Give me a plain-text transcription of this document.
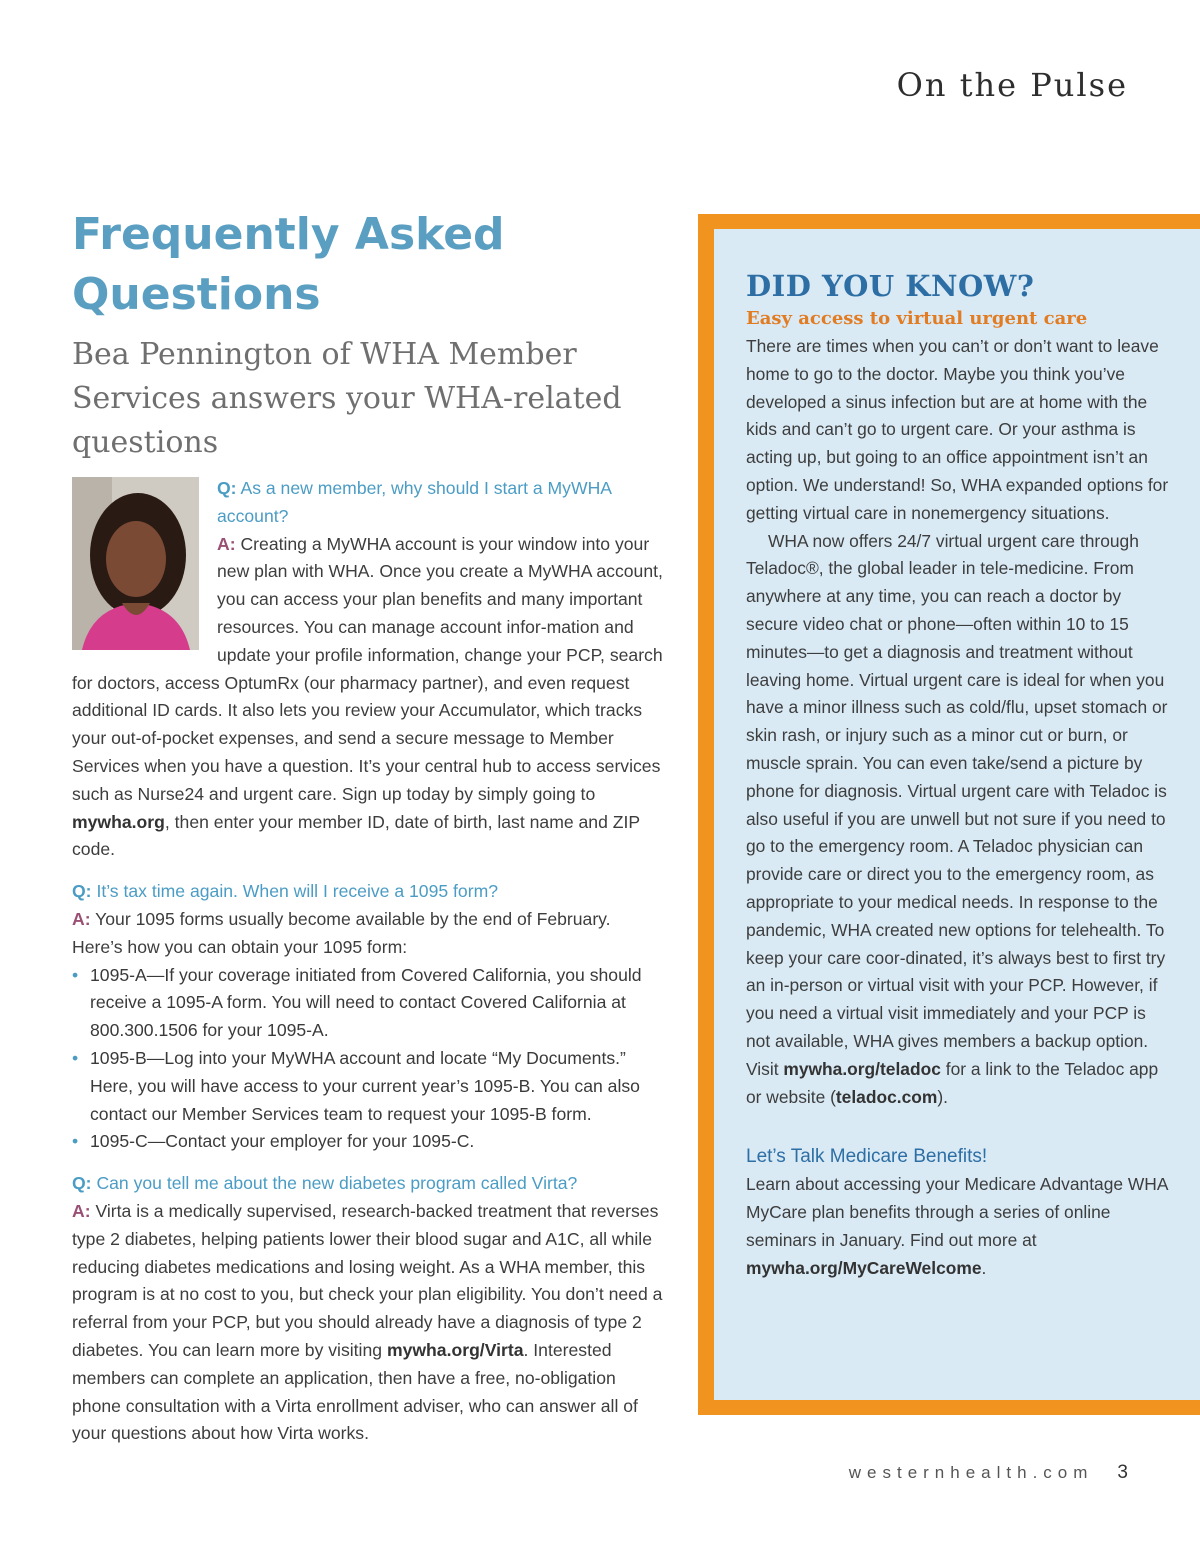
On the Pulse
Frequently Asked Questions
Bea Pennington of WHA Member Services answers your WHA-related questions

Q: As a new member, why should I start a MyWHA account?

A: Creating a MyWHA account is your window into your new plan with WHA. Once you create a MyWHA account, you can access your plan benefits and many important resources. You can manage account infor-mation and update your profile information, change your PCP, search for doctors, access OptumRx (our pharmacy partner), and even request additional ID cards. It also lets you review your Accumulator, which tracks your out-of-pocket expenses, and send a secure message to Member Services when you have a question. It’s your central hub to access services such as Nurse24 and urgent care. Sign up today by simply going to mywha.org, then enter your member ID, date of birth, last name and ZIP code.

Q: It’s tax time again. When will I receive a 1095 form?

A: Your 1095 forms usually become available by the end of February. Here’s how you can obtain your 1095 form:

• 1095-A—If your coverage initiated from Covered California, you should receive a 1095-A form. You will need to contact Covered California at 800.300.1506 for your 1095-A.
• 1095-B—Log into your MyWHA account and locate “My Documents.” Here, you will have access to your current year’s 1095-B. You can also contact our Member Services team to request your 1095-B form.
• 1095-C—Contact your employer for your 1095-C.

Q: Can you tell me about the new diabetes program called Virta?

A: Virta is a medically supervised, research-backed treatment that reverses type 2 diabetes, helping patients lower their blood sugar and A1C, all while reducing diabetes medications and losing weight. As a WHA member, this program is at no cost to you, but check your plan eligibility. You don’t need a referral from your PCP, but you should already have a diagnosis of type 2 diabetes. You can learn more by visiting mywha.org/Virta. Interested members can complete an application, then have a free, no-obligation phone consultation with a Virta enrollment adviser, who can answer all of your questions about how Virta works.

DID YOU KNOW?
Easy access to virtual urgent care

There are times when you can’t or don’t want to leave home to go to the doctor. Maybe you think you’ve developed a sinus infection but are at home with the kids and can’t go to urgent care. Or your asthma is acting up, but going to an office appointment isn’t an option. We understand! So, WHA expanded options for getting virtual care in nonemergency situations.

WHA now offers 24/7 virtual urgent care through Teladoc®, the global leader in tele-medicine. From anywhere at any time, you can reach a doctor by secure video chat or phone—often within 10 to 15 minutes—to get a diagnosis and treatment without leaving home. Virtual urgent care is ideal for when you have a minor illness such as cold/flu, upset stomach or skin rash, or injury such as a minor cut or burn, or muscle sprain. You can even take/send a picture by phone for diagnosis. Virtual urgent care with Teladoc is also useful if you are unwell but not sure if you need to go to the emergency room. A Teladoc physician can provide care or direct you to the emergency room, as appropriate to your medical needs. In response to the pandemic, WHA created new options for telehealth. To keep your care coor-dinated, it’s always best to first try an in-person or virtual visit with your PCP. However, if you need a virtual visit immediately and your PCP is not available, WHA gives members a backup option. Visit mywha.org/teladoc for a link to the Teladoc app or website (teladoc.com).

Let’s Talk Medicare Benefits!

Learn about accessing your Medicare Advantage WHA MyCare plan benefits through a series of online seminars in January. Find out more at mywha.org/MyCareWelcome.

westernhealth.com 3
